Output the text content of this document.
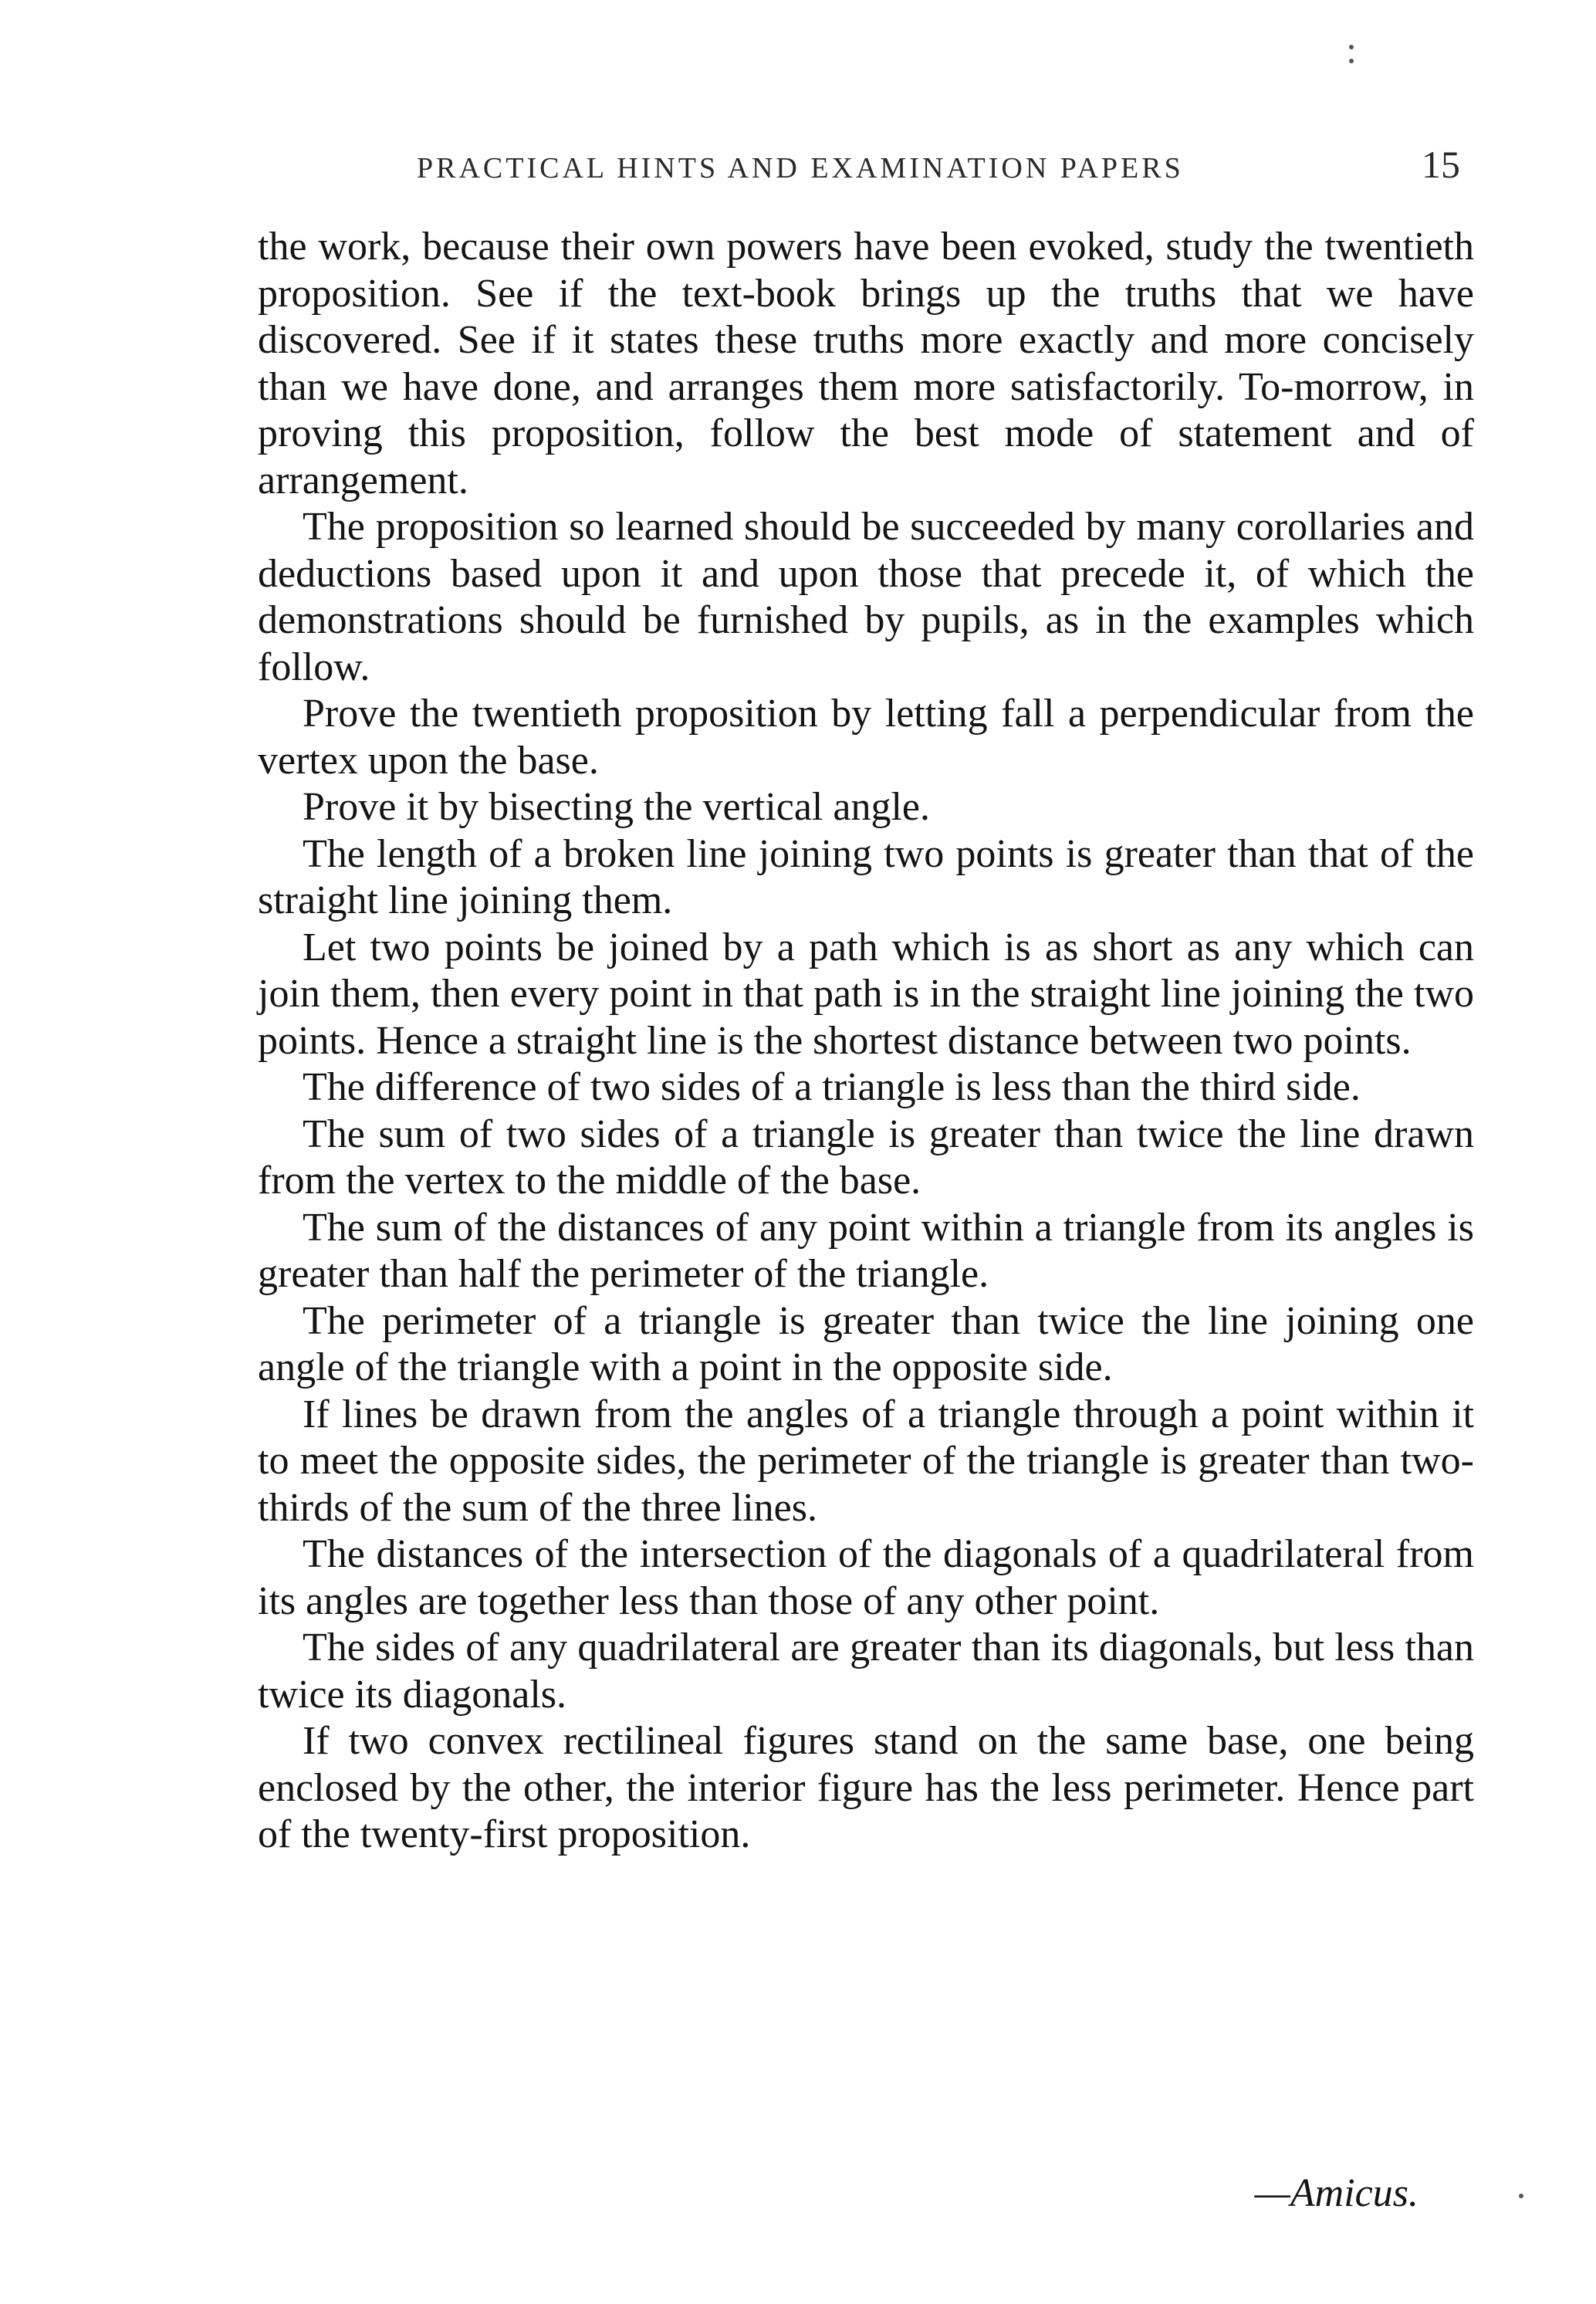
PRACTICAL HINTS AND EXAMINATION PAPERS	15

the work, because their own powers have been evoked, study the twentieth proposition. See if the text-book brings up the truths that we have discovered. See if it states these truths more exactly and more concisely than we have done, and arranges them more satisfactorily. To-morrow, in proving this proposition, follow the best mode of statement and of arrangement.

The proposition so learned should be succeeded by many corollaries and deductions based upon it and upon those that precede it, of which the demonstrations should be furnished by pupils, as in the examples which follow.

Prove the twentieth proposition by letting fall a perpendicular from the vertex upon the base.

Prove it by bisecting the vertical angle.

The length of a broken line joining two points is greater than that of the straight line joining them.

Let two points be joined by a path which is as short as any which can join them, then every point in that path is in the straight line joining the two points. Hence a straight line is the shortest distance between two points.

The difference of two sides of a triangle is less than the third side.

The sum of two sides of a triangle is greater than twice the line drawn from the vertex to the middle of the base.

The sum of the distances of any point within a triangle from its angles is greater than half the perimeter of the triangle.

The perimeter of a triangle is greater than twice the line joining one angle of the triangle with a point in the opposite side.

If lines be drawn from the angles of a triangle through a point within it to meet the opposite sides, the perimeter of the triangle is greater than two-thirds of the sum of the three lines.

The distances of the intersection of the diagonals of a quadrilateral from its angles are together less than those of any other point.

The sides of any quadrilateral are greater than its diagonals, but less than twice its diagonals.

If two convex rectilineal figures stand on the same base, one being enclosed by the other, the interior figure has the less perimeter. Hence part of the twenty-first proposition.

—Amicus.
